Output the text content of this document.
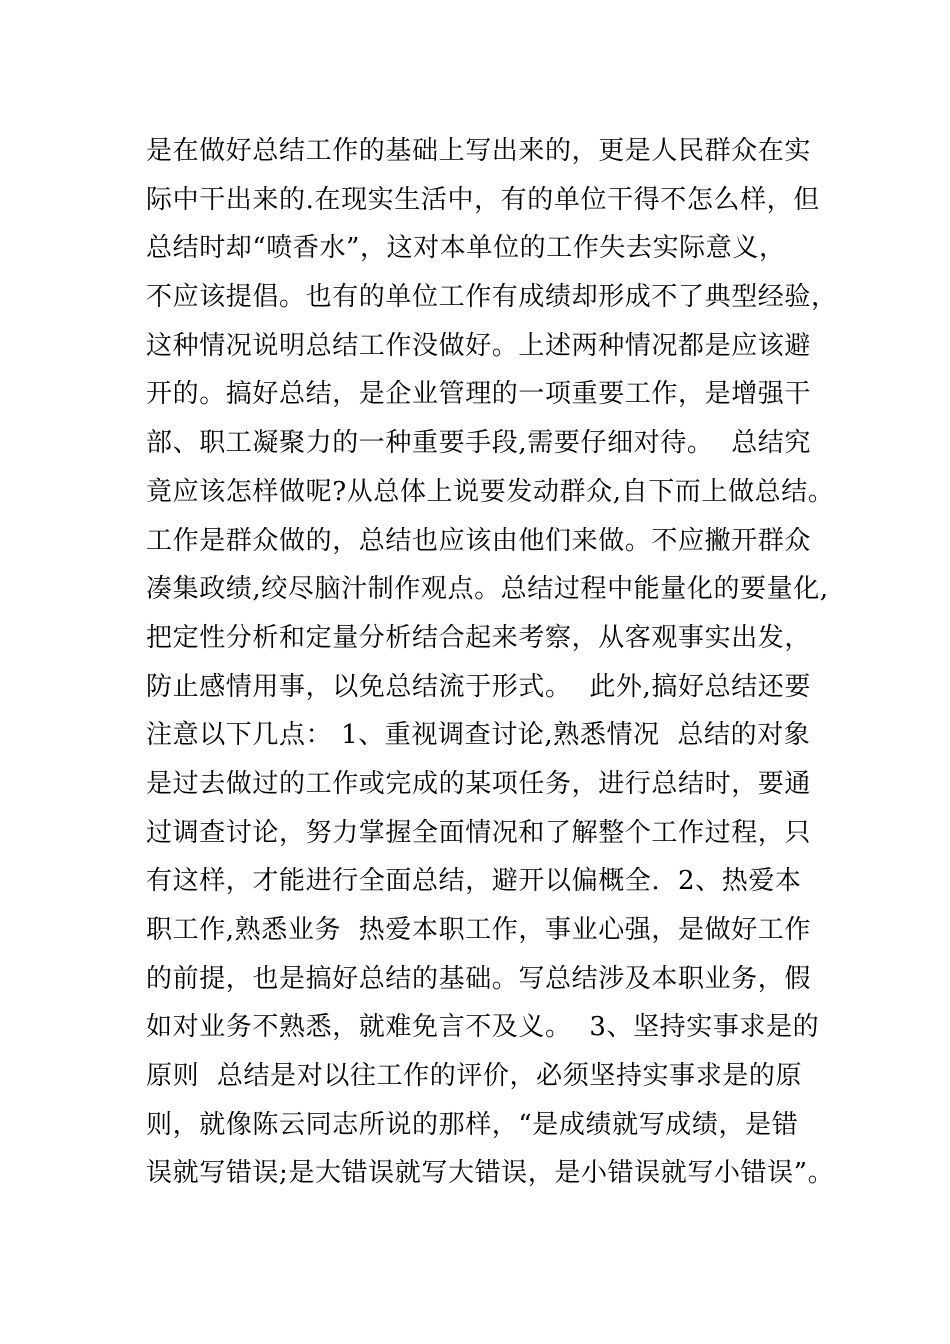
是在做好总结工作的基础上写出来的，更是人民群众在实
际中干出来的.在现实生活中，有的单位干得不怎么样，但
总结时却“喷香水”，这对本单位的工作失去实际意义，
不应该提倡。也有的单位工作有成绩却形成不了典型经验，
这种情况说明总结工作没做好。上述两种情况都是应该避
开的。搞好总结，是企业管理的一项重要工作，是增强干
部、职工凝聚力的一种重要手段,需要仔细对待。  总结究
竟应该怎样做呢?从总体上说要发动群众,自下而上做总结。
工作是群众做的，总结也应该由他们来做。不应撇开群众
凑集政绩,绞尽脑汁制作观点。总结过程中能量化的要量化,
把定性分析和定量分析结合起来考察，从客观事实出发，
防止感情用事，以免总结流于形式。  此外,搞好总结还要
注意以下几点： 1、重视调查讨论,熟悉情况  总结的对象
是过去做过的工作或完成的某项任务，进行总结时，要通
过调查讨论，努力掌握全面情况和了解整个工作过程，只
有这样，才能进行全面总结，避开以偏概全.  2、热爱本
职工作,熟悉业务  热爱本职工作，事业心强，是做好工作
的前提，也是搞好总结的基础。写总结涉及本职业务，假
如对业务不熟悉，就难免言不及义。  3、坚持实事求是的
原则  总结是对以往工作的评价，必须坚持实事求是的原
则，就像陈云同志所说的那样，“是成绩就写成绩，是错
误就写错误;是大错误就写大错误，是小错误就写小错误”。
